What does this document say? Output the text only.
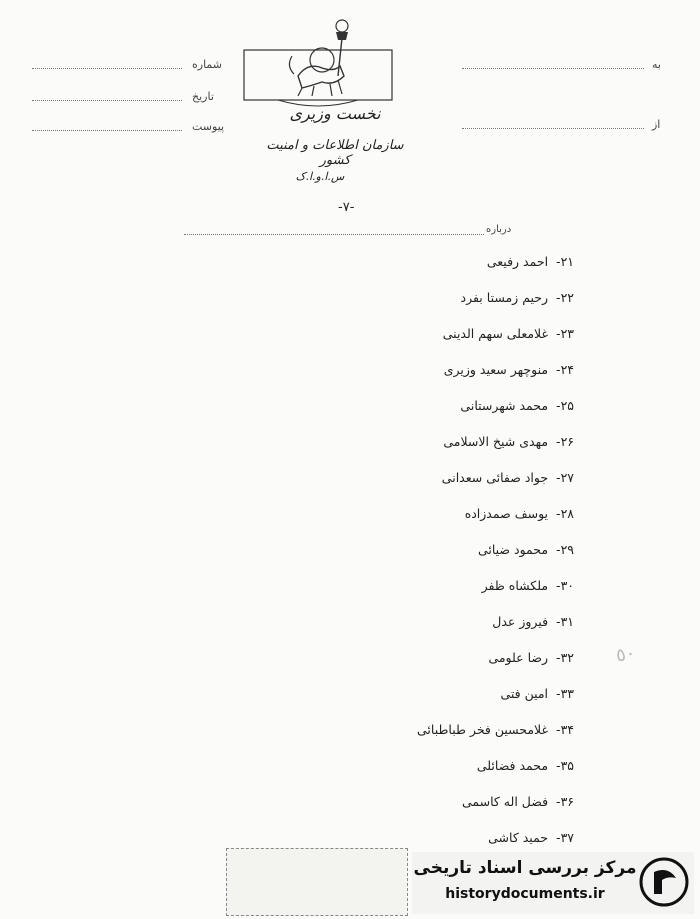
شماره
تاریخ
پیوست
به
از
نخست وزیری
سازمان اطلاعات و امنیت کشور
س.ا.و.ا.ک
-٧-
درباره
۲۱-احمد رفیعی
۲۲-رحیم زمستا بفرد
۲۳-غلامعلی سهم الدینی
۲۴-منوچهر سعید وزیری
۲۵-محمد شهرستانی
۲۶-مهدی شیخ الاسلامی
۲۷-جواد صفائی سعدانی
۲۸-یوسف صمدزاده
۲۹-محمود ضیائی
۳۰-ملکشاه ظفر
۳۱-فیروز عدل
۳۲-رضا علومی
۳۳-امین فتی
۳۴-غلامحسین فخر طباطبائی
۳۵-محمد فضائلی
۳۶-فضل اله کاسمی
۳۷-حمید کاشی
٥٠
مرکز بررسی اسناد تاریخی
historydocuments.ir
